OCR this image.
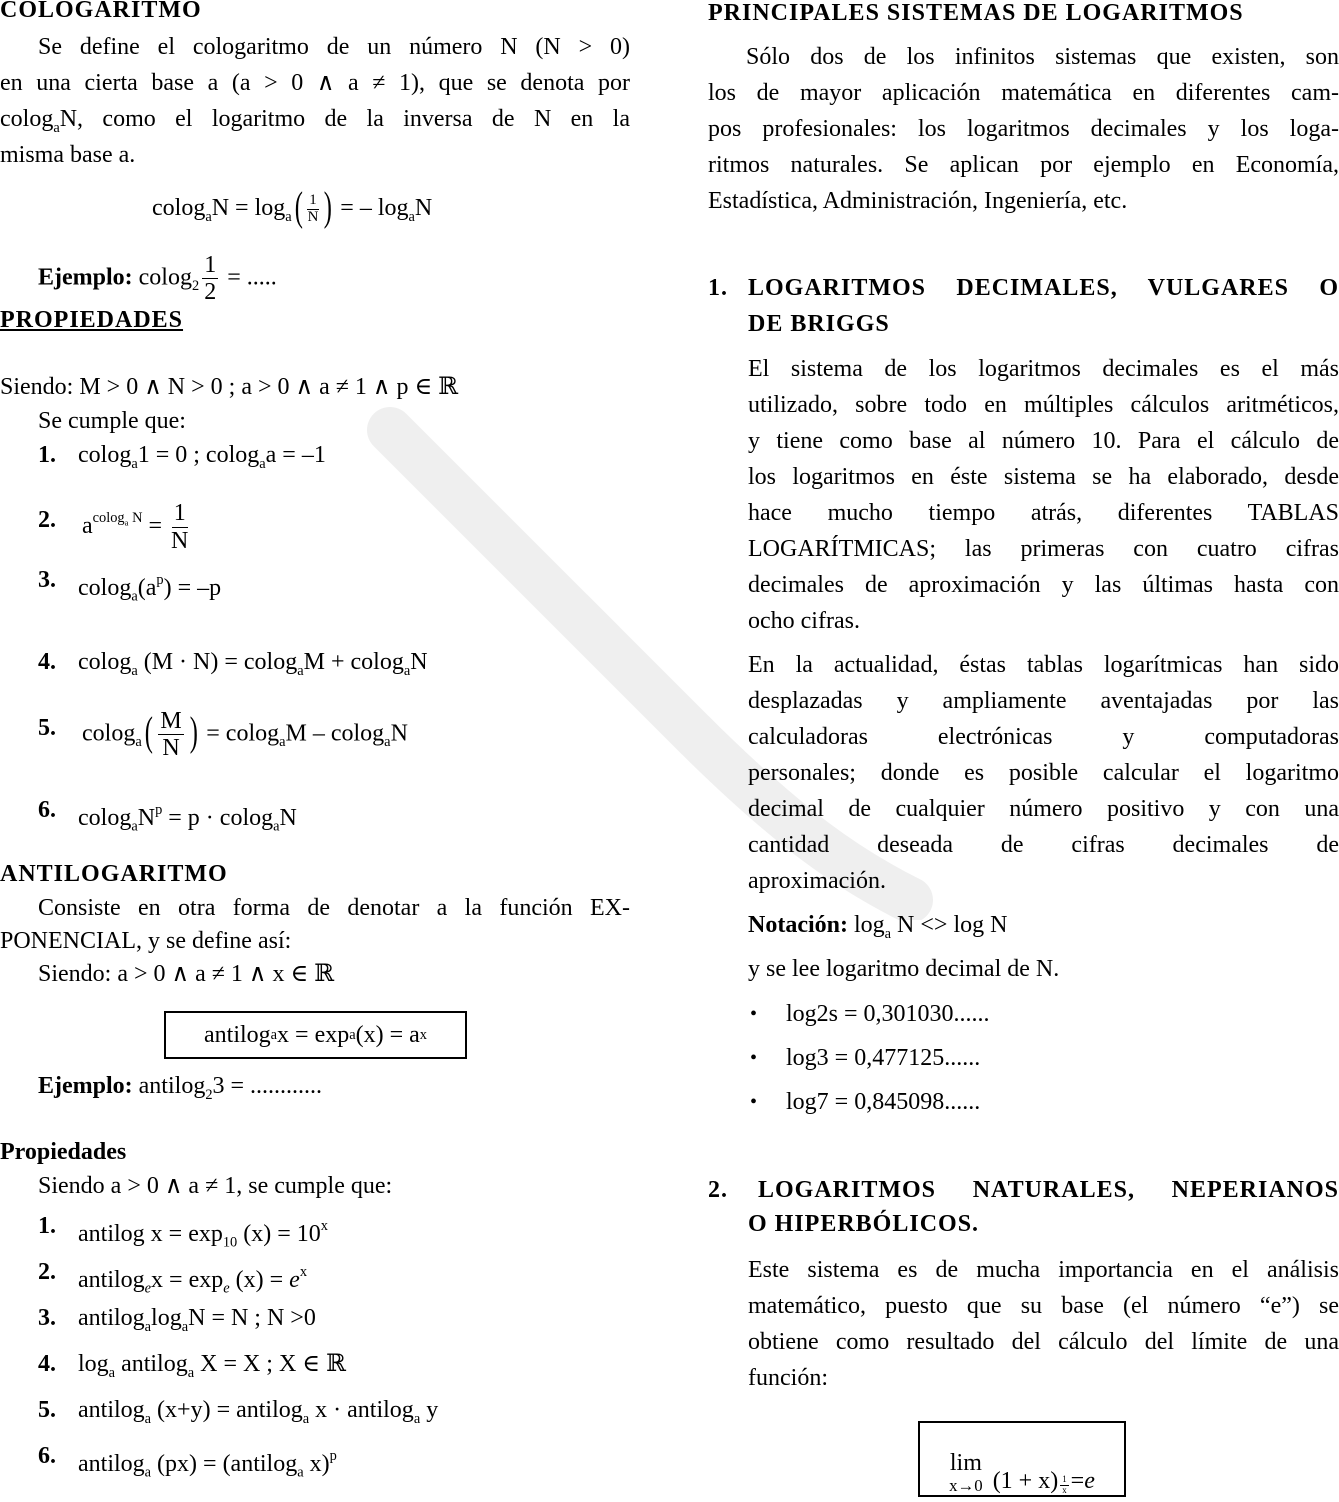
COLOGARITMO
Se define el cologaritmo de un número N (N > 0)
en una cierta base a (a > 0 ∧ a ≠ 1), que se denota por
colog$_a$N, como el logaritmo de la inversa de N en la
misma base a.
$colog_aN = \log_a( \frac{1}{N}$ ) = – $\log_aN$
Ejemplo: $colog_2 \frac{1}{2}$ = .....
PROPIEDADES
Siendo: M > 0 ∧ N > 0 ; a > 0 ∧ a ≠ 1 ∧ p ∈ ℝ
Se cumple que:
1. colog$_a$1 = 0 ; colog$_a$a = –1
2. $a^{colog_a N} = \frac{1}{N}$
3. $colog_a(a^p) = -p$
4. colog$_a$ (M · N) = colog$_a$M + colog$_a$N
5. $colog_a( \frac{M}{N}$ ) = colog$_a$M – colog$_a$N
6. $colog_aN^p = p \cdot colog_aN$
ANTILOGARITMO
Consiste en otra forma de denotar a la función EX-
PONENCIAL, y se define así:
Siendo: a > 0 ∧ a ≠ 1 ∧ x ∈ ℝ
antilog a x = exp a (x) = a x
Ejemplo: antilog$_2$3 = ............
Propiedades
Siendo a > 0 ∧ a ≠ 1, se cumple que:
1. antilog $x = \exp_{10} (x) = 10^x$
2. antilog$_e$x = $\exp_e (x) = e^x$
3. $antilog_a\log_aN = N$ ; N >0
4. $\log_a$ antilog$_a$ X = X ; X ∈ ℝ
5. antilog$_a$ (x+y) = antilog$_a$ x · antilog$_a$ y
6. antilog$_a$ (px) = (antilog$_a$ x)$^p$
PRINCIPALES SISTEMAS DE LOGARITMOS
Sólo dos de los infinitos sistemas que existen, son
los de mayor aplicación matemática en diferentes cam-
pos profesionales: los logaritmos decimales y los loga-
ritmos naturales. Se aplican por ejemplo en Economía,
Estadística, Administración, Ingeniería, etc.
1. LOGARITMOS DECIMALES, VULGARES O
DE BRIGGS
El sistema de los logaritmos decimales es el más
utilizado, sobre todo en múltiples cálculos aritméticos,
y tiene como base al número 10. Para el cálculo de
los logaritmos en éste sistema se ha elaborado, desde
hace mucho tiempo atrás, diferentes TABLAS
LOGARÍTMICAS; las primeras con cuatro cifras
decimales de aproximación y las últimas hasta con
ocho cifras.
En la actualidad, éstas tablas logarítmicas han sido
desplazadas y ampliamente aventajadas por las
calculadoras electrónicas y computadoras
personales; donde es posible calcular el logaritmo
decimal de cualquier número positivo y con una
cantidad deseada de cifras decimales de
aproximación.
Notación: $\log_a N <> \log N$
y se lee logaritmo decimal de N.
• log2s = 0,301030......
• log3 = 0,477125......
• log7 = 0,845098......
2. LOGARITMOS NATURALES, NEPERIANOS
O HIPERBÓLICOS.
Este sistema es de mucha importancia en el análisis
matemático, puesto que su base (el número “e”) se
obtiene como resultado del cálculo del límite de una
función:
lim
x→0 $(1 + x) \frac{1}{x} = e$
